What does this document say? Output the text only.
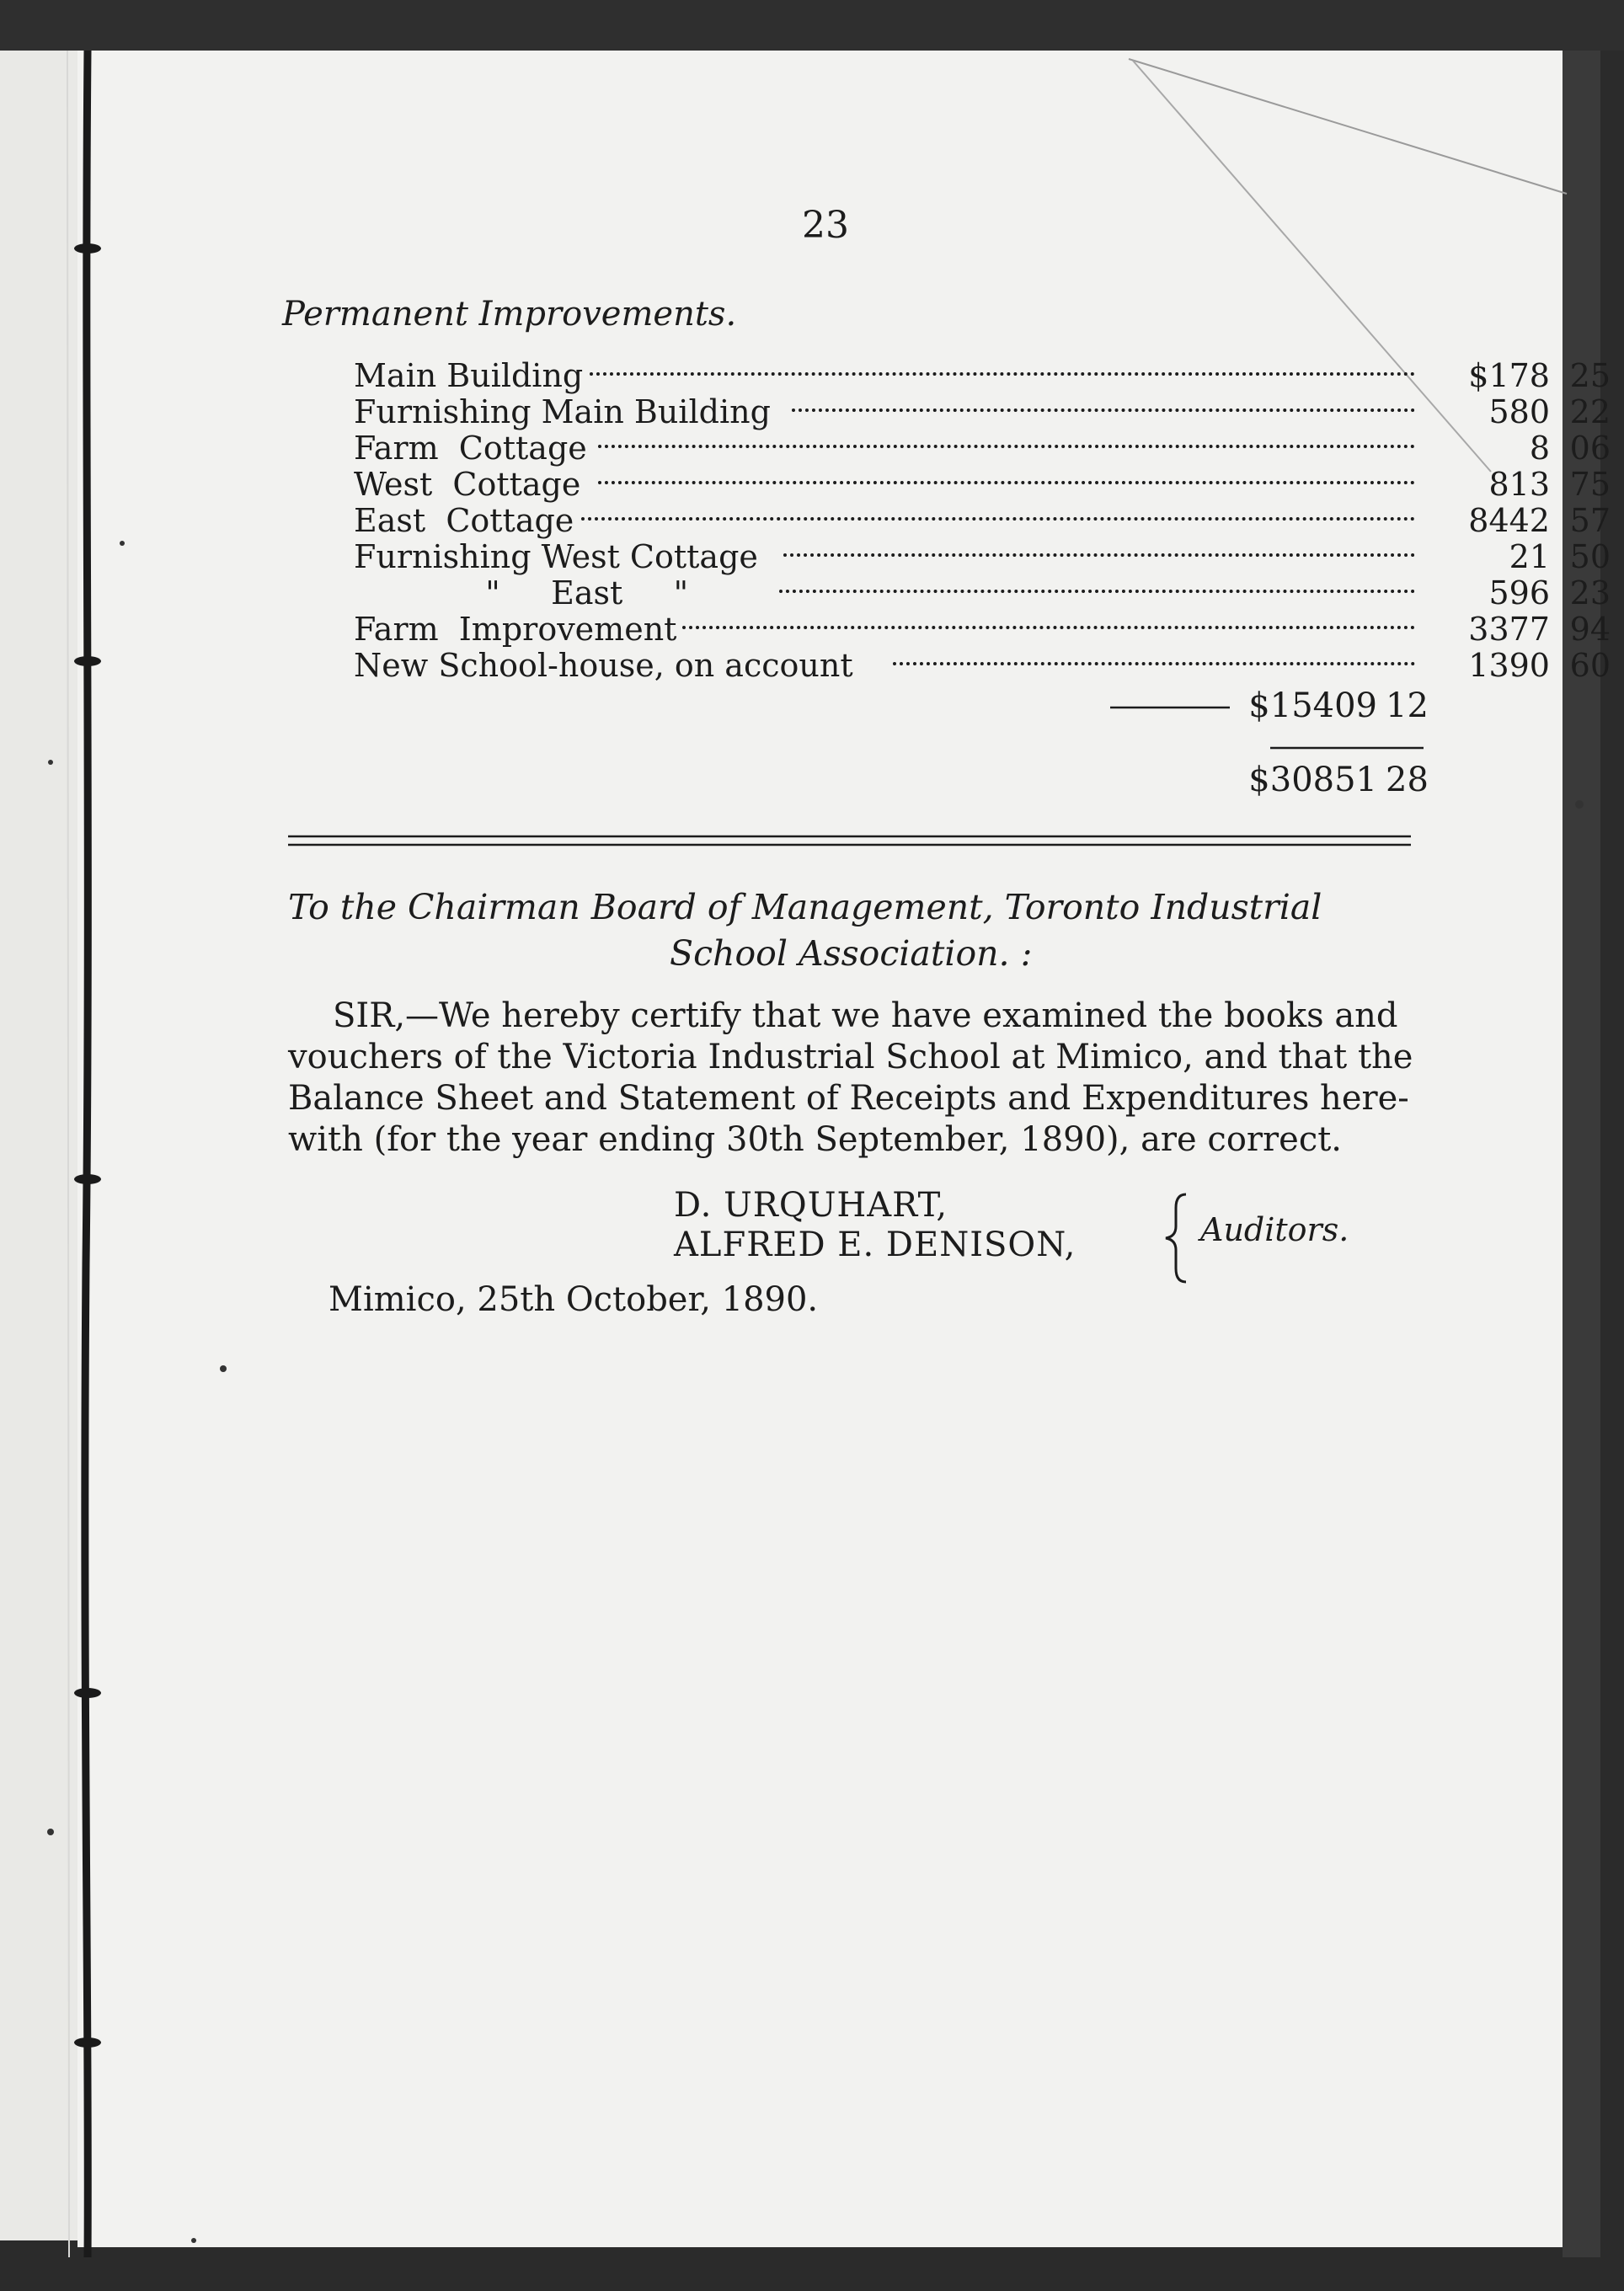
23
Permanent Improvements.
Main Building	$178 25
Furnishing Main Building	580 22
Farm  Cottage	8 06
West  Cottage	813 75
East  Cottage	8442 57
Furnishing West Cottage	21 50
"     East     "	596 23
Farm  Improvement	3377 94
New School-house, on account	1390 60
$15409 12
$30851 28
To the Chairman Board of Management, Toronto Industrial
School Association. :
SIR,—We hereby certify that we have examined the books and
vouchers of the Victoria Industrial School at Mimico, and that the
Balance Sheet and Statement of Receipts and Expenditures here-
with (for the year ending 30th September, 1890), are correct.
D. URQUHART,
ALFRED E. DENISON,	Auditors.
Mimico, 25th October, 1890.
